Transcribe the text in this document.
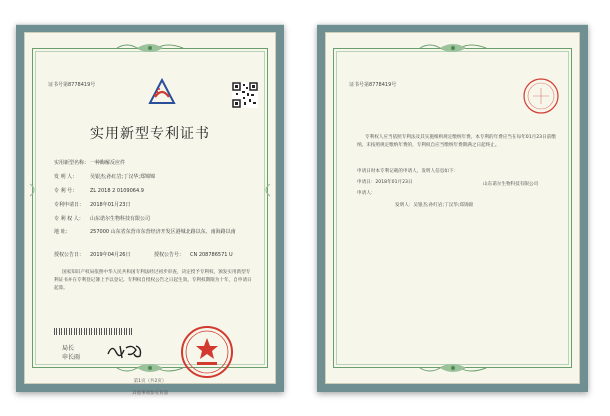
证书号第8778419号
实用新型专利证书
实用新型名称：一种酶解反应件
发 明 人：	吴银杰;孙红岩;丁汉华;郑锦锦
专 利 号：	ZL 2018 2 0109064.9
专利申请日： 2018年01月23日
专 利 权 人： 山东诺尔生物科技有限公司
地 址：	257000 山东省东营市东营经济开发区港城北路以东、南海路以南
授权公告日： 2019年04月26日	授权公告号： CN 208786571 U
国家知识产权局依照中华人民共和国专利法经过初步审查，决定授予专利权，颁发实用新型专利证书并在专利登记簿上予以登记。专利权自授权公告之日起生效。专利权期限为十年，自申请日起算。
局长
申长雨
第1页（共2页）
其他事项参见背面
证书号第8778419号
专利权人应当依照专利法及其实施细则规定缴纳年费。本专利的年费应当在每年01月23日前缴纳。未按照规定缴纳年费的，专利权自应当缴纳年费期满之日起终止。
申请日时本专利记载的申请人、发明人信息如下：
申请日：2018年01月23日
申请人：
山东诺尔生物科技有限公司
发明人：吴银杰;孙红岩;丁汉华;郑锦锦
